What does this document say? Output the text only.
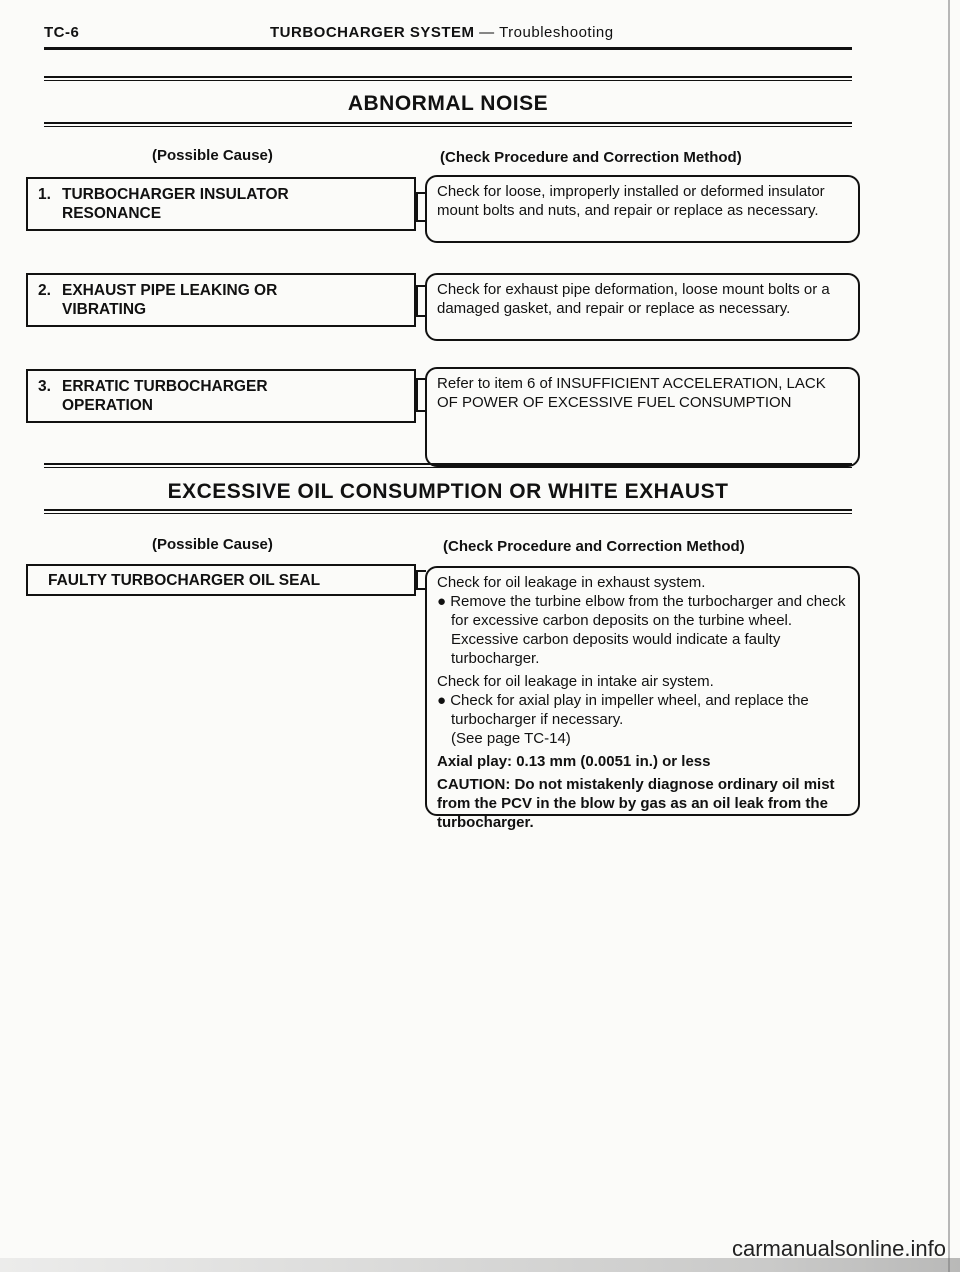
TC-6	TURBOCHARGER SYSTEM — Troubleshooting
ABNORMAL NOISE
(Possible Cause)	(Check Procedure and Correction Method)
1. TURBOCHARGER INSULATOR
RESONANCE

Check for loose, improperly installed or deformed insulator mount bolts and nuts, and repair or replace as necessary.

2. EXHAUST PIPE LEAKING OR
VIBRATING

Check for exhaust pipe deformation, loose mount bolts or a damaged gasket, and repair or replace as necessary.

3. ERRATIC TURBOCHARGER
OPERATION

Refer to item 6 of INSUFFICIENT ACCELERATION, LACK OF POWER OF EXCESSIVE FUEL CONSUMPTION

EXCESSIVE OIL CONSUMPTION OR WHITE EXHAUST
(Possible Cause)	(Check Procedure and Correction Method)
FAULTY TURBOCHARGER OIL SEAL	Check for oil leakage in exhaust system.

● Remove the turbine elbow from the turbocharger and check for excessive carbon deposits on the turbine wheel. Excessive carbon deposits would indicate a faulty turbocharger.

Check for oil leakage in intake air system.

● Check for axial play in impeller wheel, and replace the turbocharger if necessary.

(See page TC-14)

Axial play: 0.13 mm (0.0051 in.) or less

CAUTION: Do not mistakenly diagnose ordinary oil mist from the PCV in the blow by gas as an oil leak from the turbocharger.

carmanualsonline.info
